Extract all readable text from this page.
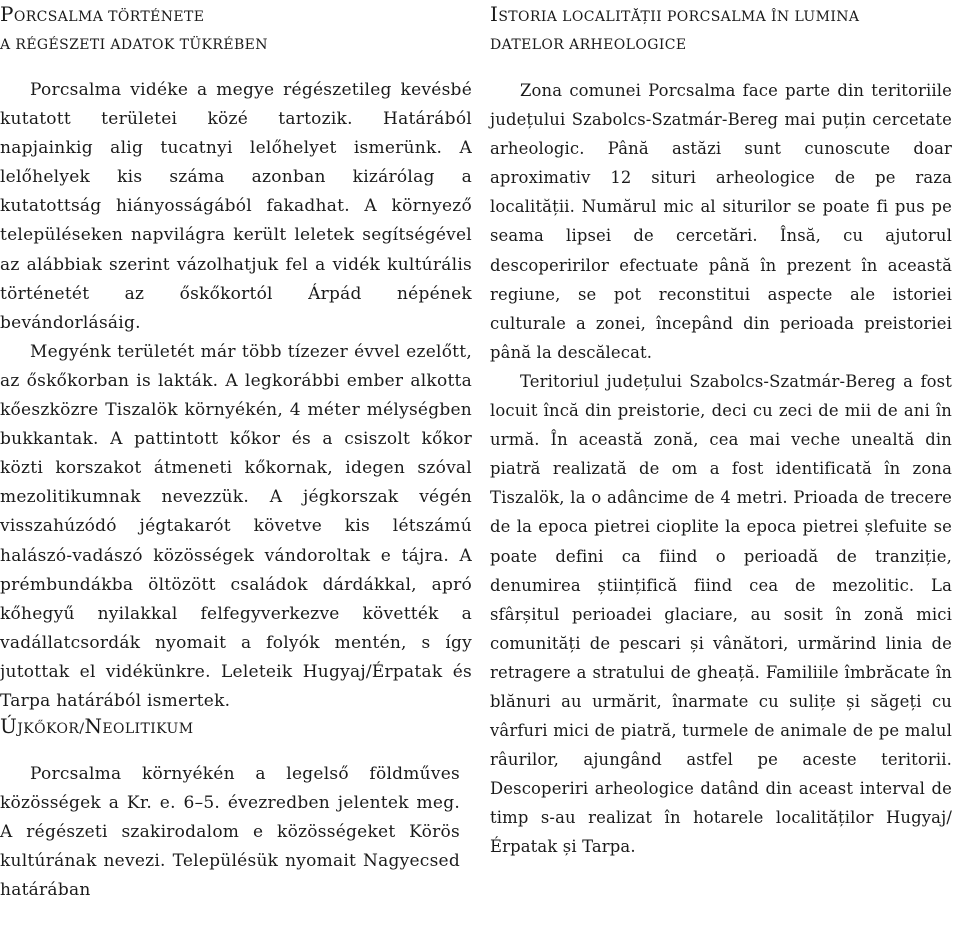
PORCSALMA TÖRTÉNETE
A RÉGÉSZETI ADATOK TÜKRÉBEN

Porcsalma vidéke a megye régészetileg kevésbé kutatott területei közé tartozik. Határából napjainkig alig tucatnyi lelőhelyet ismerünk. A lelőhelyek kis száma azonban kizárólag a kutatottság hiányosságából fakadhat. A környező településeken napvilágra került leletek segítségével az alábbiak szerint vázolhatjuk fel a vidék kultúrális történetét az őskőkortól Árpád népének bevándorlásáig.

Megyénk területét már több tízezer évvel ezelőtt, az őskőkorban is lakták. A legkorábbi ember alkotta kőeszközre Tiszalök környékén, 4 méter mélységben bukkantak. A pattintott kőkor és a csiszolt kőkor közti korszakot átmeneti kőkornak, idegen szóval mezolitikumnak nevezzük. A jégkorszak végén visszahúzódó jégtakarót követve kis létszámú halászó-vadászó közösségek vándoroltak e tájra. A prémbundákba öltözött családok dárdákkal, apró kőhegyű nyilakkal felfegyverkezve követték a vadállatcsordák nyomait a folyók mentén, s így jutottak el vidékünkre. Leleteik Hugyaj/Érpatak és Tarpa határából ismertek.

ÚJKŐKOR/NEOLITIKUM

Porcsalma környékén a legelső földműves közösségek a Kr. e. 6–5. évezredben jelentek meg. A régészeti szakirodalom e közösségeket Körös kultúrának nevezi. Településük nyomait Nagyecsed határában

ISTORIA LOCALITĂȚII PORCSALMA ÎN LUMINA
DATELOR ARHEOLOGICE

Zona comunei Porcsalma face parte din teritoriile județului Szabolcs-Szatmár-Bereg mai puțin cercetate arheologic. Până astăzi sunt cunoscute doar aproximativ 12 situri arheologice de pe raza localității. Numărul mic al siturilor se poate fi pus pe seama lipsei de cercetări. Însă, cu ajutorul descoperirilor efectuate până în prezent în această regiune, se pot reconstitui aspecte ale istoriei culturale a zonei, începând din perioada preistoriei până la descălecat.

Teritoriul județului Szabolcs-Szatmár-Bereg a fost locuit încă din preistorie, deci cu zeci de mii de ani în urmă. În această zonă, cea mai veche unealtă din piatră realizată de om a fost identificată în zona Tiszalök, la o adâncime de 4 metri. Prioada de trecere de la epoca pietrei cioplite la epoca pietrei șlefuite se poate defini ca fiind o perioadă de tranziție, denumirea științifică fiind cea de mezolitic. La sfârșitul perioadei glaciare, au sosit în zonă mici comunități de pescari și vânători, urmărind linia de retragere a stratului de gheață. Familiile îmbrăcate în blănuri au urmărit, înarmate cu sulițe și săgeți cu vârfuri mici de piatră, turmele de animale de pe malul râurilor, ajungând astfel pe aceste teritorii. Descoperiri arheologice datând din aceast interval de timp s-au realizat în hotarele localităților Hugyaj/Érpatak și Tarpa.
